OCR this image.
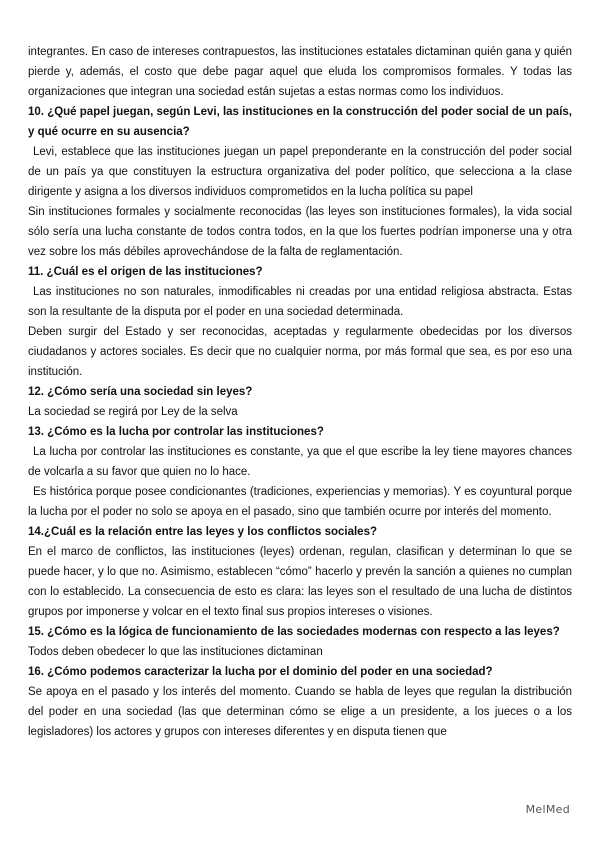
integrantes. En caso de intereses contrapuestos, las instituciones estatales dictaminan quién gana y quién pierde y, además, el costo que debe pagar aquel que eluda los compromisos formales. Y todas las organizaciones que integran una sociedad están sujetas a estas normas como los individuos.

10. ¿Qué papel juegan, según Levi, las instituciones en la construcción del poder social de un país, y qué ocurre en su ausencia?

Levi, establece que las instituciones juegan un papel preponderante en la construcción del poder social de un país ya que constituyen la estructura organizativa del poder político, que selecciona a la clase dirigente y asigna a los diversos individuos comprometidos en la lucha política su papel

Sin instituciones formales y socialmente reconocidas (las leyes son instituciones formales), la vida social sólo sería una lucha constante de todos contra todos, en la que los fuertes podrían imponerse una y otra vez sobre los más débiles aprovechándose de la falta de reglamentación.

11. ¿Cuál es el origen de las instituciones?

Las instituciones no son naturales, inmodificables ni creadas por una entidad religiosa abstracta. Estas son la resultante de la disputa por el poder en una sociedad determinada.

Deben surgir del Estado y ser reconocidas, aceptadas y regularmente obedecidas por los diversos ciudadanos y actores sociales. Es decir que no cualquier norma, por más formal que sea, es por eso una institución.

12. ¿Cómo sería una sociedad sin leyes?

La sociedad se regirá por Ley de la selva

13. ¿Cómo es la lucha por controlar las instituciones?

La lucha por controlar las instituciones es constante, ya que el que escribe la ley tiene mayores chances de volcarla a su favor que quien no lo hace.

Es histórica porque posee condicionantes (tradiciones, experiencias y memorias). Y es coyuntural porque la lucha por el poder no solo se apoya en el pasado, sino que también ocurre por interés del momento.

14.¿Cuál es la relación entre las leyes y los conflictos sociales?

En el marco de conflictos, las instituciones (leyes) ordenan, regulan, clasifican y determinan lo que se puede hacer, y lo que no. Asimismo, establecen “cómo” hacerlo y prevén la sanción a quienes no cumplan con lo establecido. La consecuencia de esto es clara: las leyes son el resultado de una lucha de distintos grupos por imponerse y volcar en el texto final sus propios intereses o visiones.

15. ¿Cómo es la lógica de funcionamiento de las sociedades modernas con respecto a las leyes?

Todos deben obedecer lo que las instituciones dictaminan

16. ¿Cómo podemos caracterizar la lucha por el dominio del poder en una sociedad?

Se apoya en el pasado y los interés del momento. Cuando se habla de leyes que regulan la distribución del poder en una sociedad (las que determinan cómo se elige a un presidente, a los jueces o a los legisladores) los actores y grupos con intereses diferentes y en disputa tienen que

MelMed
